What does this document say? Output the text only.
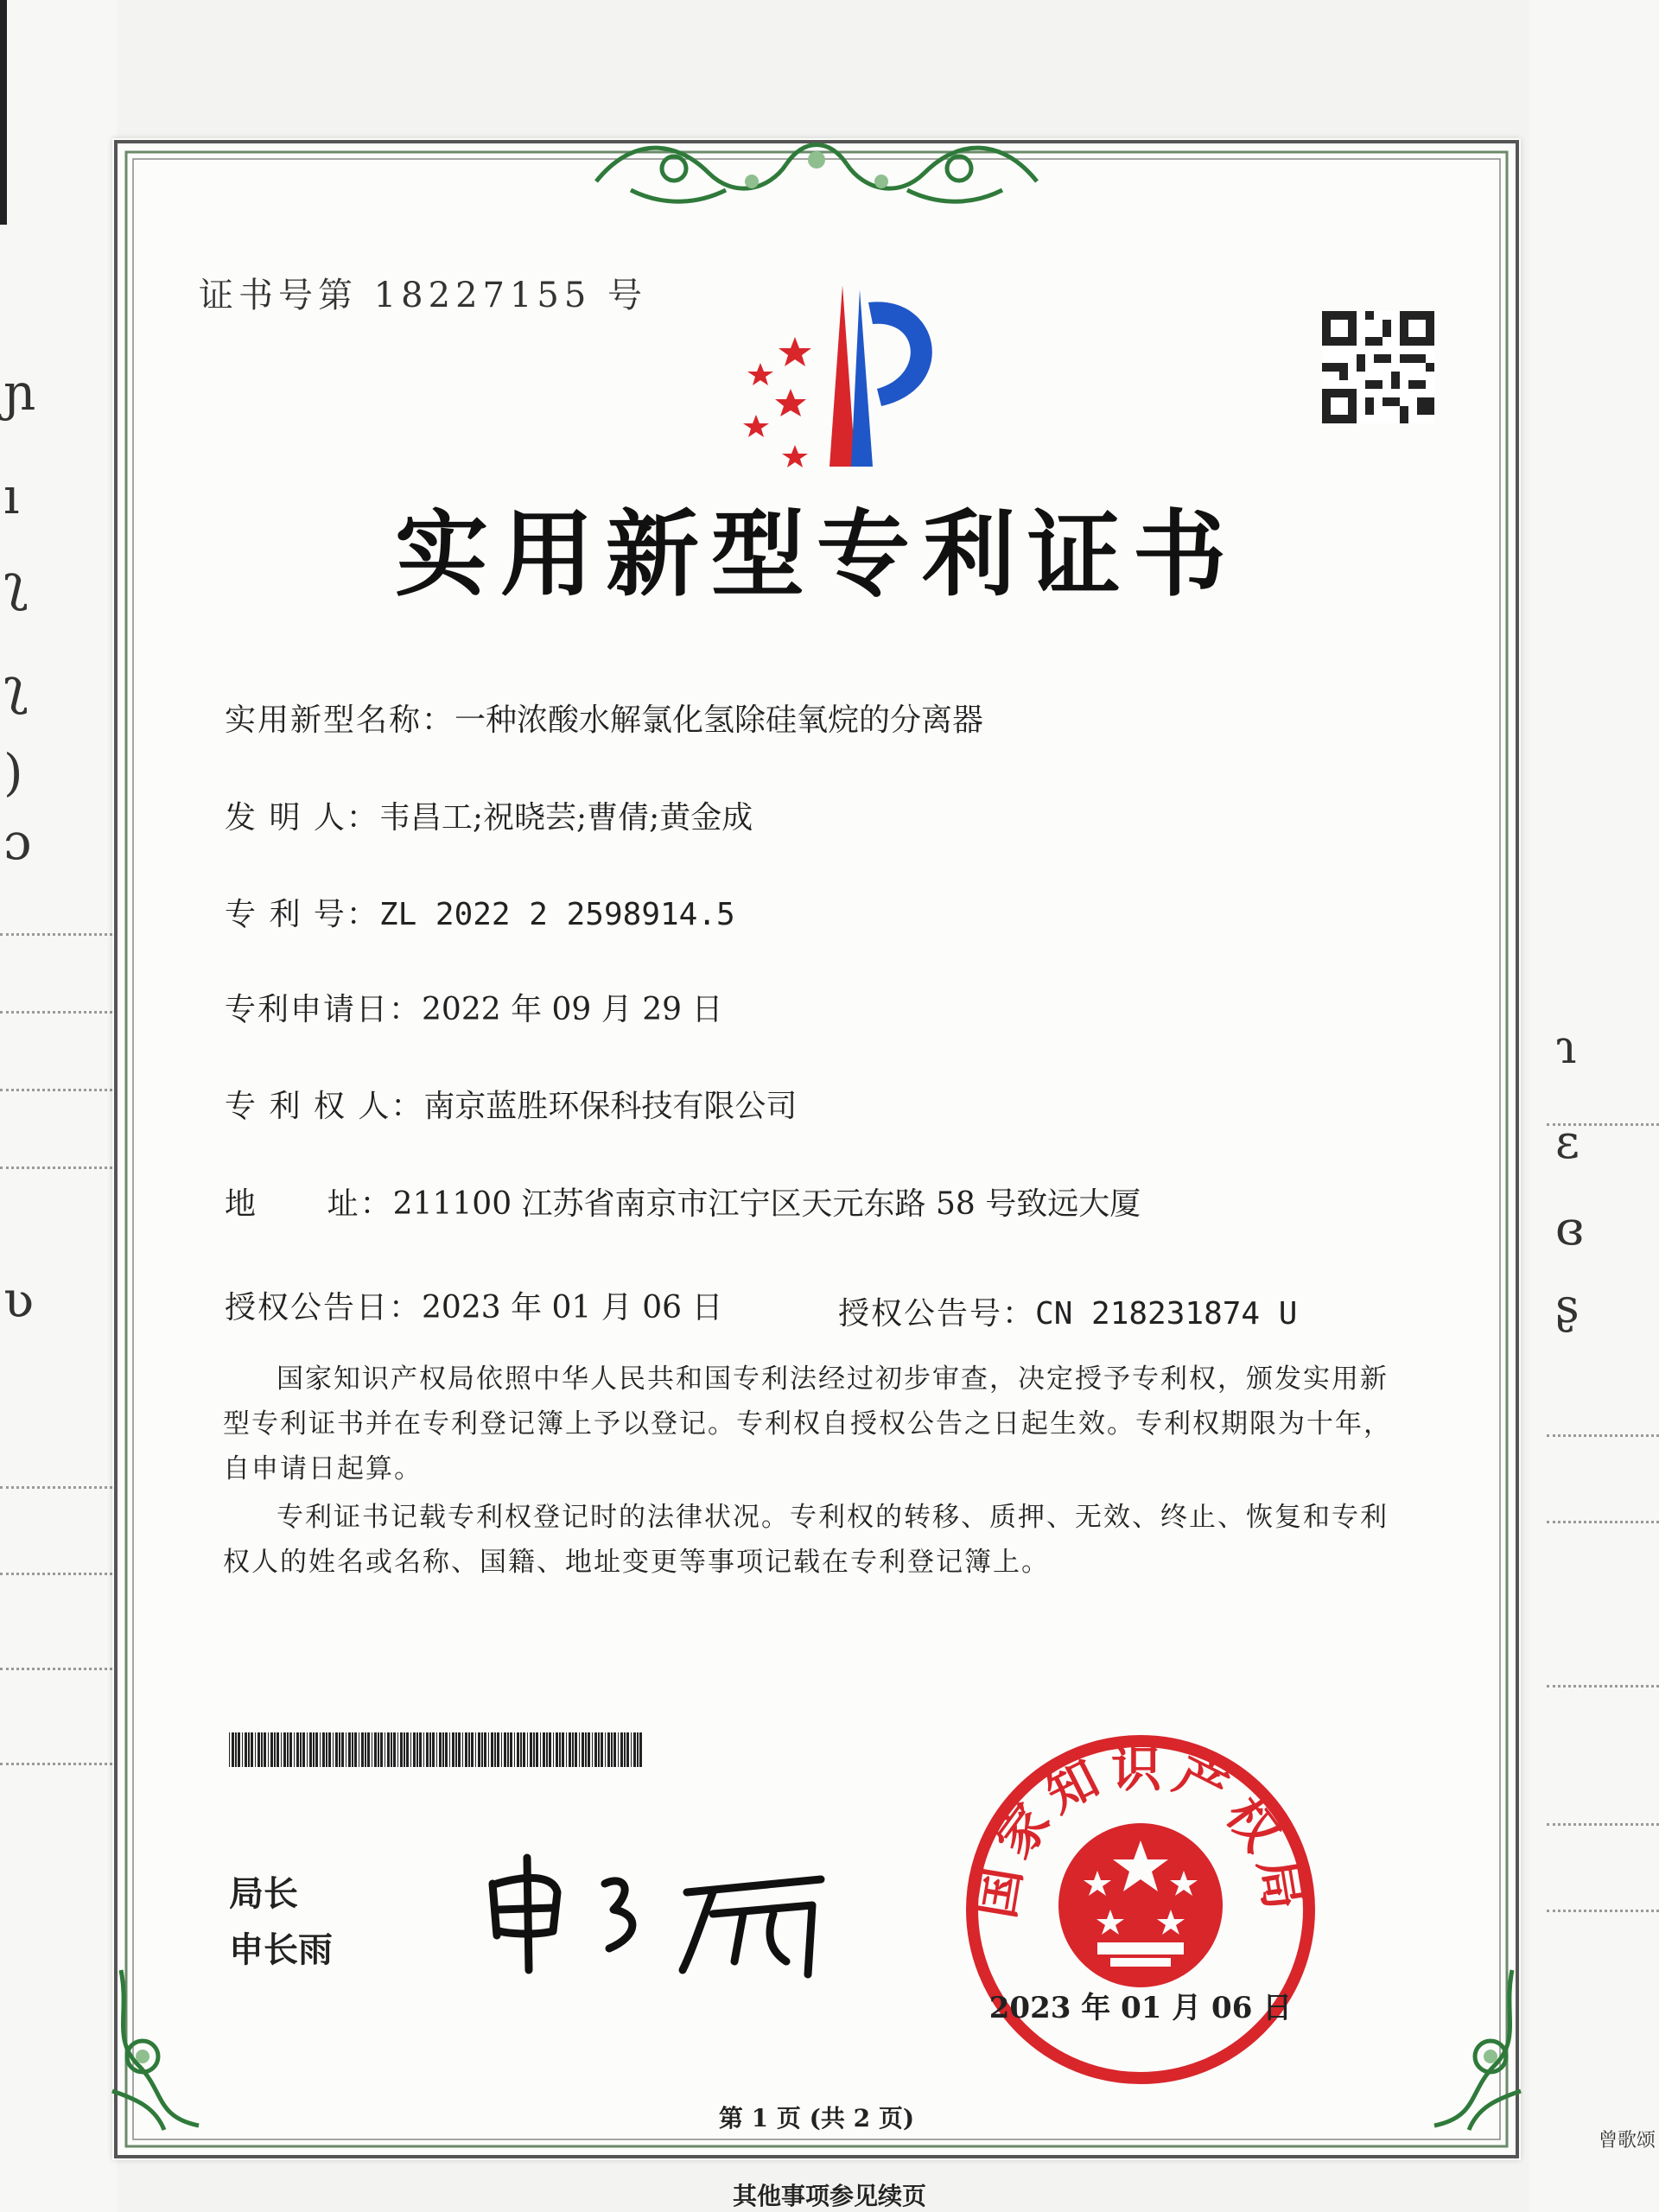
ɲ
ı
ʅ
ʅ
)
ɔ
ʋ
ɿ
ɛ
ɞ
ʂ
曾歌颂
证书号第 18227155 号
实用新型专利证书
实用新型名称：一种浓酸水解氯化氢除硅氧烷的分离器
发 明 人：韦昌工;祝晓芸;曹倩;黄金成
专 利 号：ZL 2022 2 2598914.5
专利申请日：2022 年 09 月 29 日
专 利 权 人：南京蓝胜环保科技有限公司
地      址：211100 江苏省南京市江宁区天元东路 58 号致远大厦
授权公告日：2023 年 01 月 06 日	授权公告号：CN 218231874 U
国家知识产权局依照中华人民共和国专利法经过初步审查，决定授予专利权，颁发实用新型专利证书并在专利登记簿上予以登记。专利权自授权公告之日起生效。专利权期限为十年，自申请日起算。
专利证书记载专利权登记时的法律状况。专利权的转移、质押、无效、终止、恢复和专利权人的姓名或名称、国籍、地址变更等事项记载在专利登记簿上。
局长
申长雨
国家知识产权局
2023 年 01 月 06 日
第 1 页 (共 2 页)
其他事项参见续页
